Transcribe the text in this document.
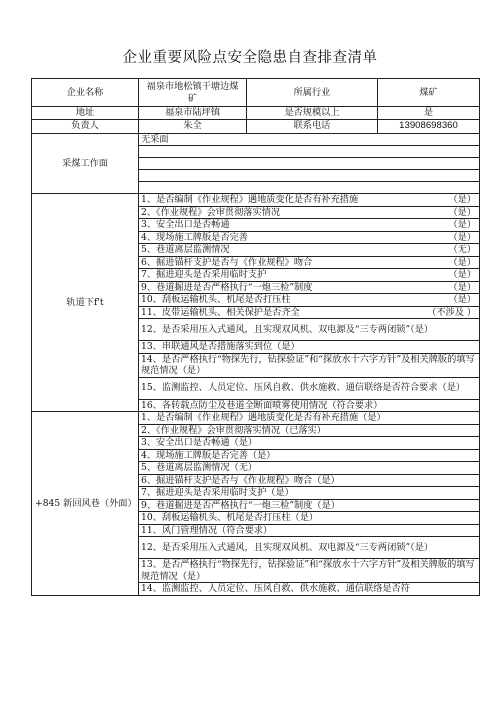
企业重要风险点安全隐患自查排查清单
企业名称	福泉市地松镇干塘边煤矿	所属行业	煤矿
地址	福泉市陆坪镇	是否规模以上	是
负责人	朱全	联系电话	13908698360
采煤工作面	无采面		

轨道下f't	1、是否编制《作业规程》遇地质变化是否有补充措施 （是）		

	2、《作业规程》会审贯彻落实情况 （是）		

	3、安全出口是否畅通 （是）		

	4、现场施工牌版是否完善 （是）		

	5、巷道离层监测情况 （无）		

	6、掘进锚杆支护是否与《作业规程》吻合 （是）		

	7、掘进迎头是否采用临时支护 （是）		

	9、巷道掘进是否严格执行“一炮三检”制度 （是）		

	10、刮板运输机头、机尾是否打压柱 （是）		

	11、皮带运输机头、相关保护是否齐全 （不涉及 ）		

	12、是否采用压入式通风，且实现双风机、双电源及“三专两闭锁”（是）		
	13、串联通风是否措施落实到位（是）		
	14、是否严格执行“物探先行，钻探验证”和“探放水十六字方针”及相关牌版的填写规范情况（是）		
	15、监测监控、人员定位、压风自救、供水施救、通信联络是否符合要求（是）		
	16、各转载点防尘及巷道全断面喷雾使用情况（符合要求）		
+845 新回风巷（外面）	1、是否编制《作业规程》遇地质变化是否有补充措施（是）		
	2、《作业规程》会审贯彻落实情况（已落实）		
	3、安全出口是否畅通（是）		
	4、现场施工牌版是否完善（是）		
	5、巷道离层监测情况（无）		
	6、掘进锚杆支护是否与《作业规程》吻合（是）		
	7、掘进迎头是否采用临时支护（是）		
	9、巷道掘进是否严格执行“一炮三检”制度（是）		
	10、刮板运输机头、机尾是否打压柱（是）		
	11、风门管理情况（符合要求）		
	12、是否采用压入式通风，且实现双风机、双电源及“三专两闭锁”（是）		
	13、是否严格执行“物探先行，钻探验证”和“探放水十六字方针”及相关牌版的填写规范情况（是）		
	14、监测监控、人员定位、压风自救、供水施救、通信联络是否符		
